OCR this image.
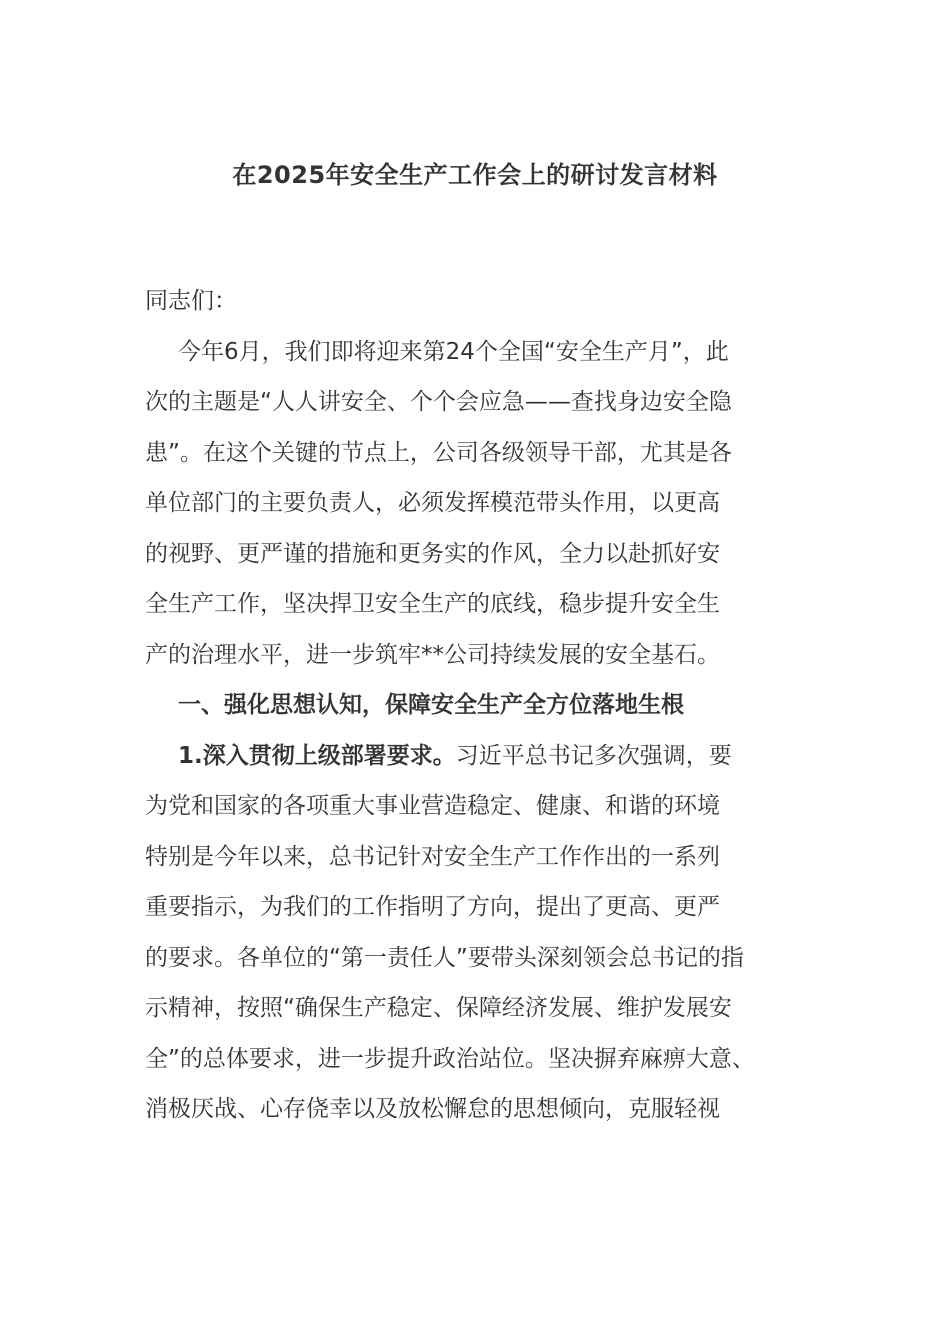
在2025年安全生产工作会上的研讨发言材料
同志们：
今年6月，我们即将迎来第24个全国“安全生产月”，此
次的主题是“人人讲安全、个个会应急——查找身边安全隐
患”。在这个关键的节点上，公司各级领导干部，尤其是各
单位部门的主要负责人，必须发挥模范带头作用，以更高
的视野、更严谨的措施和更务实的作风，全力以赴抓好安
全生产工作，坚决捍卫安全生产的底线，稳步提升安全生
产的治理水平，进一步筑牢**公司持续发展的安全基石。
一、强化思想认知，保障安全生产全方位落地生根
1.深入贯彻上级部署要求。习近平总书记多次强调，要
为党和国家的各项重大事业营造稳定、健康、和谐的环境
特别是今年以来，总书记针对安全生产工作作出的一系列
重要指示，为我们的工作指明了方向，提出了更高、更严
的要求。各单位的“第一责任人”要带头深刻领会总书记的指
示精神，按照“确保生产稳定、保障经济发展、维护发展安
全”的总体要求，进一步提升政治站位。坚决摒弃麻痹大意、
消极厌战、心存侥幸以及放松懈怠的思想倾向，克服轻视
